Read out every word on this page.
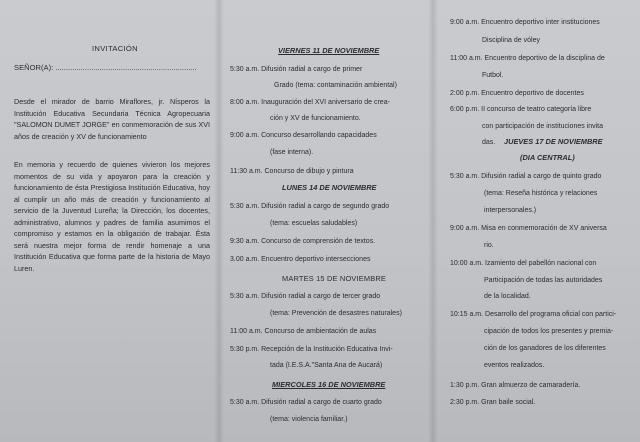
INVITACIÓN
SEÑOR(A): ...................................................................

Desde el mirador de barrio Miraflores, jr. Nísperos la Institución Educativa Secundaria Técnica Agropecuaria "SALOMON DUMET JORGE" en conmemoración de sus XVI años de creación y XV de funcionamiento

En memoria y recuerdo de quienes vivieron los mejores momentos de su vida y apoyaron para la creación y funcionamiento de ésta Prestigiosa Institución Educativa, hoy al cumplir un año más de creación y funcionamiento al servicio de la Juventud Lureña; la Dirección, los docentes, administrativo, alumnos y padres de familia asumimos el compromiso y estamos en la obligación de trabajar. Ésta será nuestra mejor forma de rendir homenaje a una Institución Educativa que forma parte de la historia de Mayo Luren.

VIERNES 11 DE NOVIEMBRE
5:30 a.m. Difusión radial a cargo de primer
Grado (tema: contaminación ambiental)
8:00 a.m. Inauguración del XVI aniversario de crea-
ción y XV de funcionamiento.
9:00 a.m. Concurso desarrollando capacidades
(fase interna).
11:30 a.m. Concurso de dibujo y pintura
LUNES 14 DE NOVIEMBRE
5:30 a.m. Difusión radial a cargo de segundo grado
(tema: escuelas saludables)
9:30 a.m. Concurso de comprensión de textos.
3.00 a.m. Encuentro deportivo intersecciones
MARTES 15 DE NOVIEMBRE
5:30 a.m. Difusión radial a cargo de tercer grado
(tema: Prevención de desastres naturales)
11:00 a.m. Concurso de ambientación de aulas
5:30 p.m. Recepción de la Institución Educativa Invi-
tada (I.E.S.A."Santa Ana de Aucará)
MIERCOLES 16 DE NOVIEMBRE
5:30 a.m. Difusión radial a cargo de cuarto grado
(tema: violencia familiar.)
9:00 a.m. Encuentro deportivo inter instituciones
Disciplina de vóley
11:00 a.m. Encuentro deportivo de la disciplina de
Futbol.
2:00 p.m. Encuentro deportivo de docentes
6:00 p.m. II concurso de teatro categoría libre
con participación de instituciones invita
das. JUEVES 17 DE NOVIEMBRE
(DIA CENTRAL)
5:30 a.m. Difusión radial a cargo de quinto grado
(tema: Reseña histórica y relaciones
interpersonales.)
9:00 a.m. Misa en conmemoración de XV aniversa
rio.
10:00 a.m. Izamiento del pabellón nacional con
Participación de todas las autoridades
de la localidad.
10:15 a.m. Desarrollo del programa oficial con partici-
cipación de todos los presentes y premia-
ción de los ganadores de los diferentes
eventos realizados.
1:30 p.m. Gran almuerzo de camaradería.
2:30 p.m. Gran baile social.
